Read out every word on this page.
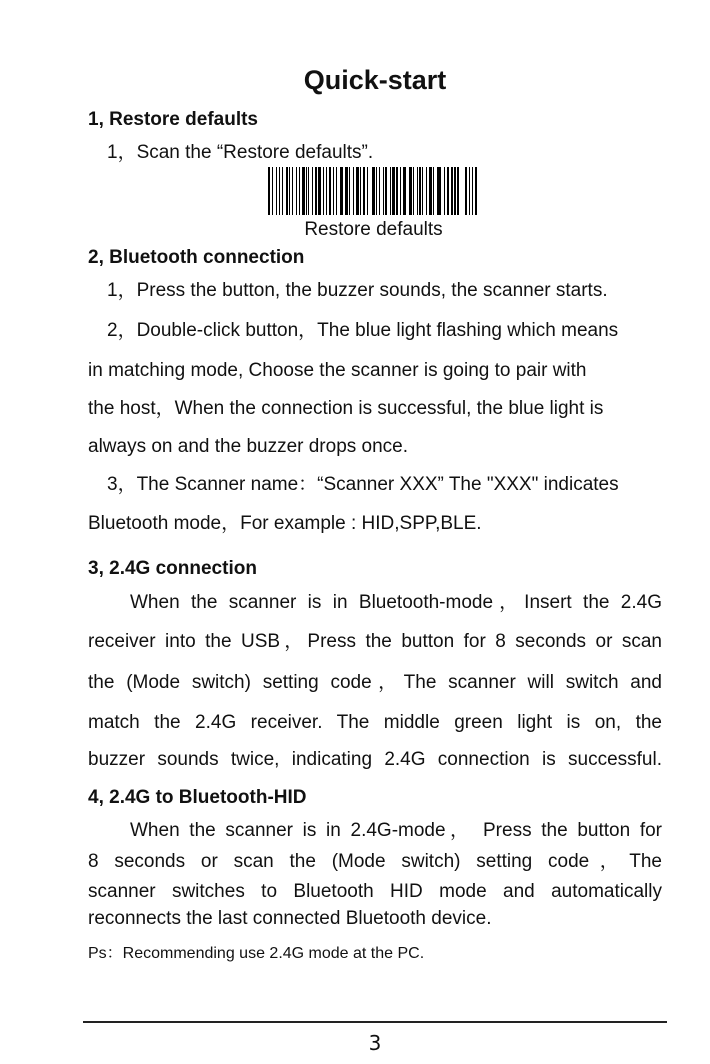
Quick-start
1, Restore defaults
1，Scan the “Restore defaults”.
Restore defaults
2, Bluetooth connection
1，Press the button, the buzzer sounds, the scanner starts.
2，Double-click button，The blue light flashing which means
in matching mode, Choose the scanner is going to pair with
the host，When the connection is successful, the blue light is
always on and the buzzer drops once.
3，The Scanner name：“Scanner XXX” The "XXX" indicates
Bluetooth mode，For example : HID,SPP,BLE.
3, 2.4G connection
When the scanner is in Bluetooth-mode，Insert the 2.4G
receiver into the USB，Press the button for 8 seconds or scan
the (Mode switch) setting code，The scanner will switch and
match the 2.4G receiver. The middle green light is on, the
buzzer sounds twice, indicating 2.4G connection is successful.
4, 2.4G to Bluetooth-HID
When the scanner is in 2.4G-mode， Press the button for
8 seconds or scan the (Mode switch) setting code，The
scanner switches to Bluetooth HID mode and automatically
reconnects the last connected Bluetooth device.
Ps：Recommending use 2.4G mode at the PC.
3
